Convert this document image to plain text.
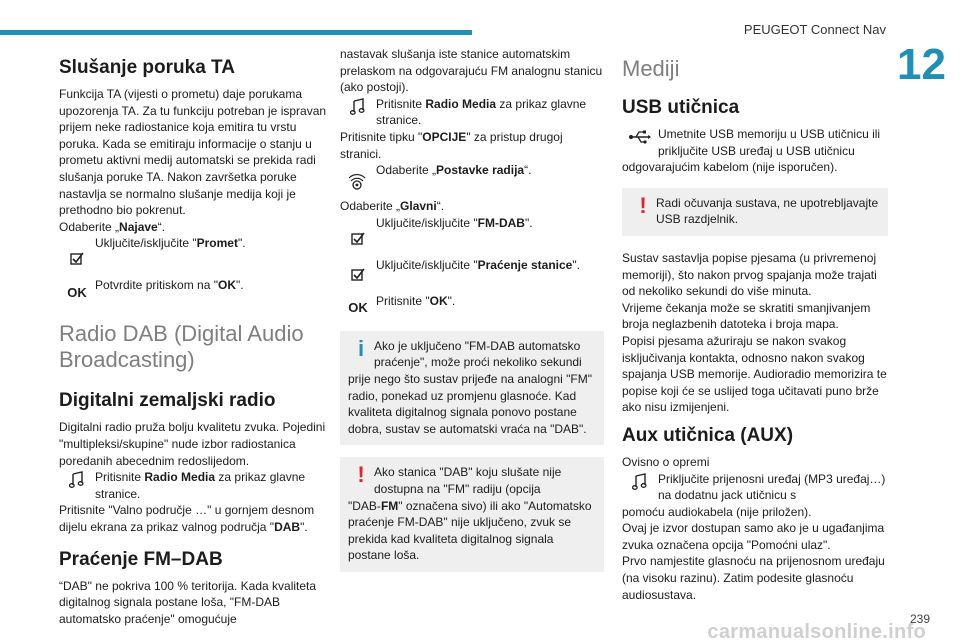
PEUGEOT Connect Nav
12
239
carmanualsonline.info
Slušanje poruka TA

Funkcija TA (vijesti o prometu) daje porukama upozorenja TA. Za tu funkciju potreban je ispravan prijem neke radiostanice koja emitira tu vrstu poruka. Kada se emitiraju informacije o stanju u prometu aktivni medij automatski se prekida radi slušanja poruke TA. Nakon završetka poruke nastavlja se normalno slušanje medija koji je prethodno bio pokrenut.

Odaberite „Najave“.

Uključite/isključite "Promet".
OK Potvrdite pritiskom na "OK".
Radio DAB (Digital Audio Broadcasting)
Digitalni zemaljski radio

Digitalni radio pruža bolju kvalitetu zvuka. Pojedini "multipleksi/skupine" nude izbor radiostanica poredanih abecednim redoslijedom.

Pritisnite Radio Media za prikaz glavne stranice.

Pritisnite "Valno područje …" u gornjem desnom dijelu ekrana za prikaz valnog područja "DAB".

Praćenje FM–DAB

“DAB" ne pokriva 100 % teritorija. Kada kvaliteta digitalnog signala postane loša, "FM-DAB automatsko praćenje" omogućuje

nastavak slušanja iste stanice automatskim prelaskom na odgovarajuću FM analognu stanicu (ako postoji).

Pritisnite Radio Media za prikaz glavne stranice.

Pritisnite tipku "OPCIJE" za pristup drugoj stranici.

Odaberite „Postavke radija“.

Odaberite „Glavni“.

Uključite/isključite "FM-DAB".
Uključite/isključite "Praćenje stanice".
OK Pritisnite "OK".
i Ako je uključeno "FM-DAB automatsko praćenje", može proći nekoliko sekundi
prije nego što sustav prijeđe na analogni "FM" radio, ponekad uz promjenu glasnoće. Kad kvaliteta digitalnog signala ponovo postane dobra, sustav se automatski vraća na "DAB".
! Ako stanica "DAB" koju slušate nije dostupna na "FM" radiju (opcija
"DAB-FM" označena sivo) ili ako "Automatsko praćenje FM-DAB" nije uključeno, zvuk se prekida kad kvaliteta digitalnog signala postane loša.
Mediji
USB utičnica
Umetnite USB memoriju u USB utičnicu ili priključite USB uređaj u USB utičnicu

odgovarajućim kabelom (nije isporučen).

! Radi očuvanja sustava, ne upotrebljavajte USB razdjelnik.

Sustav sastavlja popise pjesama (u privremenoj memoriji), što nakon prvog spajanja može trajati od nekoliko sekundi do više minuta.

Vrijeme čekanja može se skratiti smanjivanjem broja neglazbenih datoteka i broja mapa.

Popisi pjesama ažuriraju se nakon svakog isključivanja kontakta, odnosno nakon svakog spajanja USB memorije. Audioradio memorizira te popise koji će se uslijed toga učitavati puno brže ako nisu izmijenjeni.

Aux utičnica (AUX)

Ovisno o opremi

Priključite prijenosni uređaj (MP3 uređaj…) na dodatnu jack utičnicu s

pomoću audiokabela (nije priložen).

Ovaj je izvor dostupan samo ako je u ugađanjima zvuka označena opcija "Pomoćni ulaz".

Prvo namjestite glasnoću na prijenosnom uređaju (na visoku razinu). Zatim podesite glasnoću audiosustava.
